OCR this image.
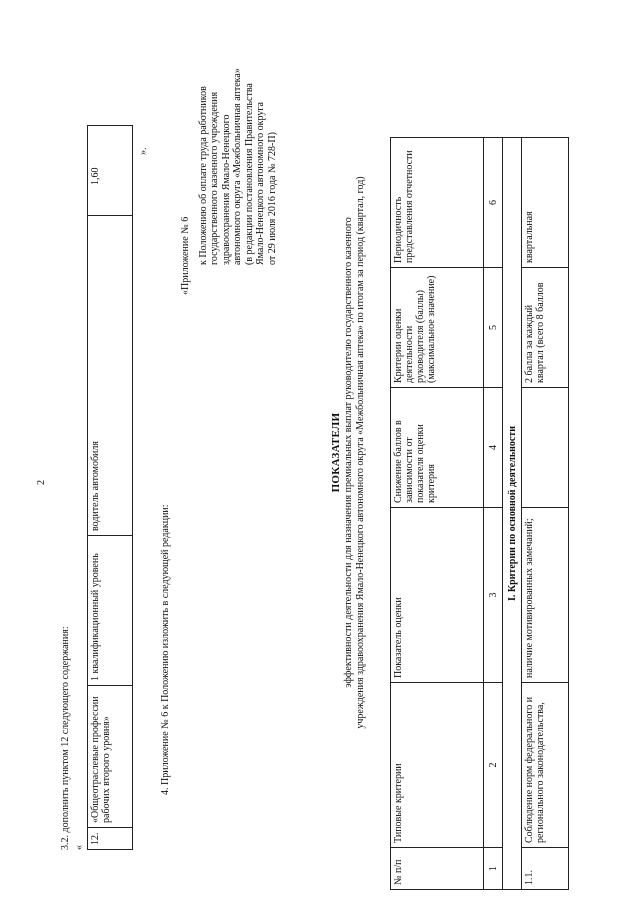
2
3.2. дополнить пунктом 12 следующего содержания: «
12.	«Общеотраслевые профессии рабочих второго уровня»	1 квалификационный уровень	водитель автомобиля	1,60
».
4. Приложение № 6 к Положению изложить в следующей редакции:
«Приложение № 6 к Положению об оплате труда работников государственного казенного учреждения здравоохранения Ямало-Ненецкого автономного округа «Межбольничная аптека» (в редакции постановления Правительства Ямало-Ненецкого автономного округа от 29 июля 2016 года № 728-П)
ПОКАЗАТЕЛИ эффективности деятельности для назначения премиальных выплат руководителю государственного казенного учреждения здравоохранения Ямало-Ненецкого автономного округа «Межбольничная аптека» по итогам за период (квартал, год)
№ п/п	Типовые критерии	Показатель оценки	Снижение баллов в зависимости от показателя оценки критерия	Критерии оценки деятельности руководителя (баллы) (максимальное значение)	Периодичность представления отчетности
1	2	3	4	5	6
I. Критерии по основной деятельности					
1.1.	Соблюдение норм федерального и регионального законодательства,	наличие мотивированных замечаний;		2 балла за каждый квартал (всего 8 баллов	квартальная
